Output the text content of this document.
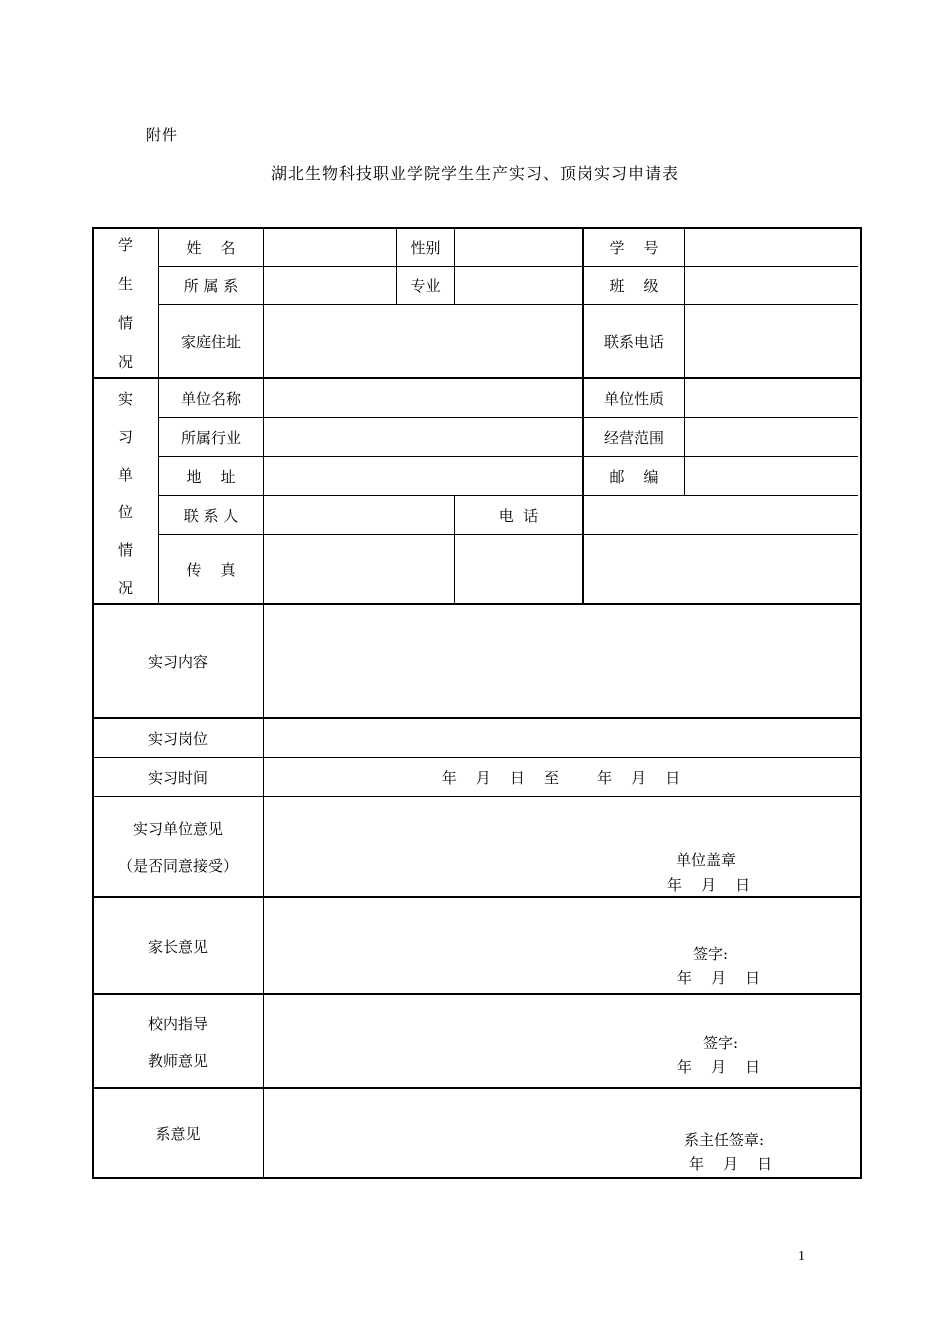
附件
湖北生物科技职业学院学生生产实习、顶岗实习申请表
学
生
情
况
姓    名	性别	学    号
所 属 系	专业	班    级
家庭住址	联系电话
实
习
单
位
情
况
单位名称	单位性质
所属行业	经营范围
地    址	邮    编
联 系 人	电  话
传    真
实习内容
实习岗位
实习时间	年    月    日    至        年    月    日
实习单位意见
（是否同意接受）	单位盖章
年    月    日
家长意见	签字:
年    月    日
校内指导
教师意见
签字:
年    月    日
系意见	系主任签章:
年    月    日
1
